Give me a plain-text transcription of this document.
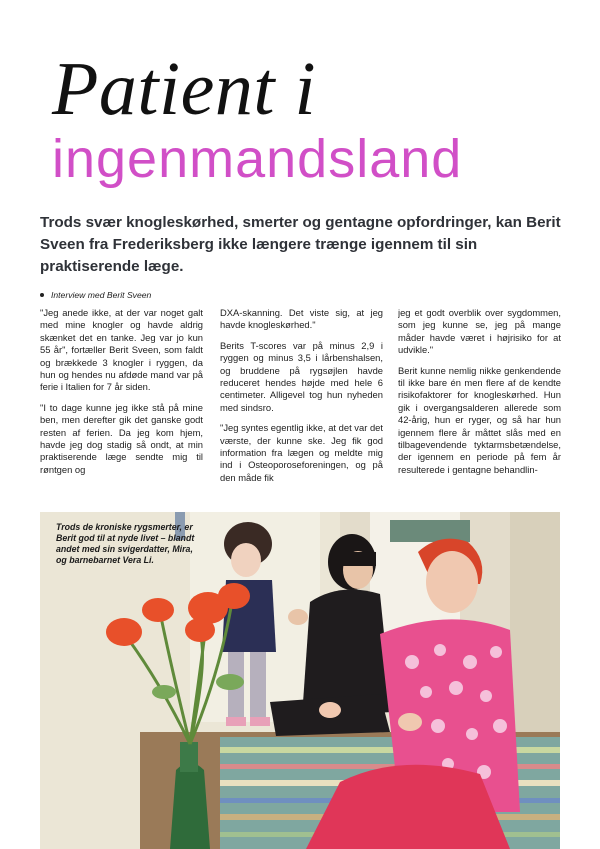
Patient i
ingenmandsland

Trods svær knogleskørhed, smerter og gentagne opfordringer, kan Berit Sveen fra Frederiksberg ikke længere trænge igennem til sin praktiserende læge.

Interview med Berit Sveen

"Jeg anede ikke, at der var noget galt med mine knogler og havde aldrig skænket det en tanke. Jeg var jo kun 55 år", fortæller Berit Sveen, som faldt og brækkede 3 knogler i ryggen, da hun og hendes nu afdøde mand var på ferie i Italien for 7 år siden.

"I to dage kunne jeg ikke stå på mine ben, men derefter gik det ganske godt resten af ferien. Da jeg kom hjem, havde jeg dog stadig så ondt, at min praktiserende læge sendte mig til røntgen og

DXA-skanning. Det viste sig, at jeg havde knogleskørhed."

Berits T-scores var på minus 2,9 i ryggen og minus 3,5 i lårbenshalsen, og bruddene på rygsøjlen havde reduceret hendes højde med hele 6 centimeter. Alligevel tog hun nyheden med sindsro.

"Jeg syntes egentlig ikke, at det var det værste, der kunne ske. Jeg fik god information fra lægen og meldte mig ind i Osteoporoseforeningen, og på den måde fik

jeg et godt overblik over sygdommen, som jeg kunne se, jeg på mange måder havde været i højrisiko for at udvikle."

Berit kunne nemlig nikke genkendende til ikke bare én men flere af de kendte risikofaktorer for knogleskørhed. Hun gik i overgangsalderen allerede som 42-årig, hun er ryger, og så har hun igennem flere år måttet slås med en tilbagevendende tyktarmsbetændelse, der igennem en periode på fem år resulterede i gentagne behandlin-

Trods de kroniske rygsmerter, er Berit god til at nyde livet – blandt andet med sin svigerdatter, Mira, og barnebarnet Vera Li.
